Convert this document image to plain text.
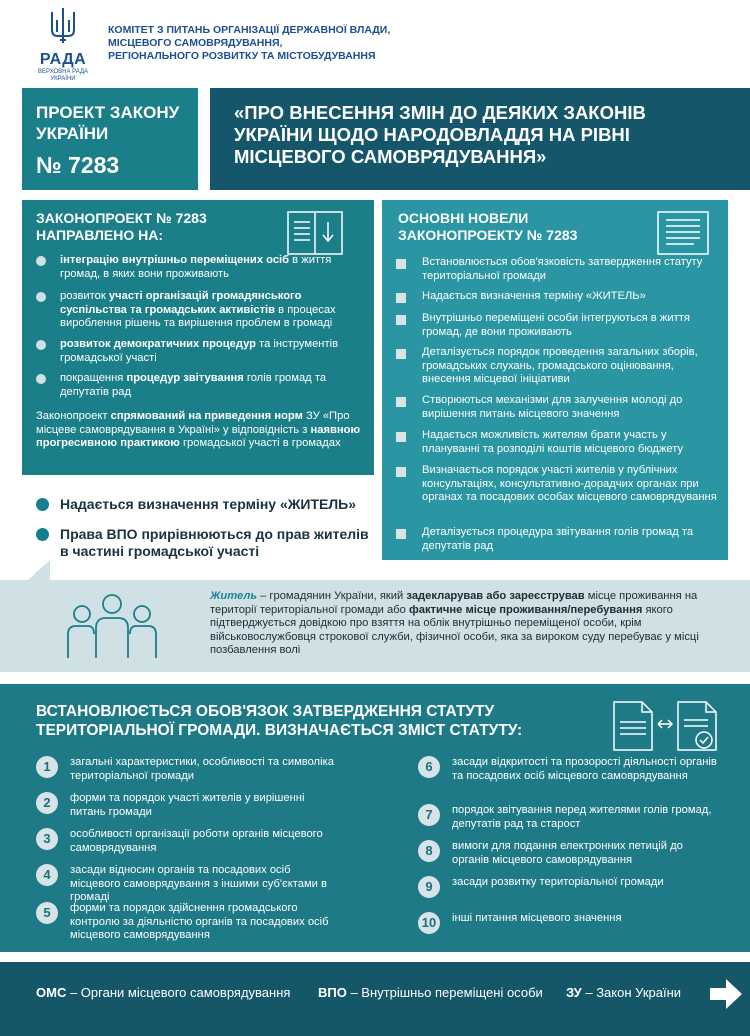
РАДА
ВЕРХОВНА РАДА УКРАЇНИ
КОМІТЕТ З ПИТАНЬ ОРГАНІЗАЦІЇ ДЕРЖАВНОЇ ВЛАДИ,
МІСЦЕВОГО САМОВРЯДУВАННЯ,
РЕГІОНАЛЬНОГО РОЗВИТКУ ТА МІСТОБУДУВАННЯ
ПРОЕКТ ЗАКОНУ УКРАЇНИ
№ 7283
«ПРО ВНЕСЕННЯ ЗМІН ДО ДЕЯКИХ ЗАКОНІВ УКРАЇНИ ЩОДО НАРОДОВЛАДДЯ НА РІВНІ МІСЦЕВОГО САМОВРЯДУВАННЯ»
ЗАКОНОПРОЕКТ № 7283
НАПРАВЛЕНО НА:
інтеграцію внутрішньо переміщених осіб в життя громад, в яких вони проживають
розвиток участі організацій громадянського суспільства та громадських активістів в процесах вироблення рішень та вирішення проблем в громаді
розвиток демократичних процедур та інструментів громадської участі
покращення процедур звітування голів громад та депутатів рад
Законопроект спрямований на приведення норм ЗУ «Про місцеве самоврядування в Україні» у відповідність з наявною прогресивною практикою громадської участі в громадах
ОСНОВНІ НОВЕЛИ
ЗАКОНОПРОЕКТУ № 7283
Встановлюється обов'язковість затвердження статуту територіальної громади
Надається визначення терміну «ЖИТЕЛЬ»
Внутрішньо переміщені особи інтегруються в життя громад, де вони проживають
Деталізується порядок проведення загальних зборів, громадських слухань, громадського оцінювання, внесення місцевої ініціативи
Створюються механізми для залучення молоді до вирішення питань місцевого значення
Надається можливість жителям брати участь у плануванні та розподілі коштів місцевого бюджету
Визначається порядок участі жителів у публічних консультаціях, консультативно-дорадчих органах при органах та посадових особах місцевого самоврядування
Деталізується процедура звітування голів громад та депутатів рад
Надається визначення терміну «ЖИТЕЛЬ»
Права ВПО прирівнюються до прав жителів в частині громадської участі
Житель – громадянин України, який задекларував або зареєстрував місце проживання на території територіальної громади або фактичне місце проживання/перебування якого підтверджується довідкою про взяття на облік внутрішньо переміщеної особи, крім військовослужбовця строкової служби, фізичної особи, яка за вироком суду перебуває у місці позбавлення волі
ВСТАНОВЛЮЄТЬСЯ ОБОВ'ЯЗОК ЗАТВЕРДЖЕННЯ СТАТУТУ
ТЕРИТОРІАЛЬНОЇ ГРОМАДИ. ВИЗНАЧАЄТЬСЯ ЗМІСТ СТАТУТУ:
1	загальні характеристики, особливості та символіка територіальної громади
2	форми та порядок участі жителів у вирішенні питань громади
3	особливості організації роботи органів місцевого самоврядування
4	засади відносин органів та посадових осіб місцевого самоврядування з іншими суб'єктами в громаді
5	форми та порядок здійснення громадського контролю за діяльністю органів та посадових осіб місцевого самоврядування
6	засади відкритості та прозорості діяльності органів та посадових осіб місцевого самоврядування
7	порядок звітування перед жителями голів громад, депутатів рад та старост
8	вимоги для подання електронних петицій до органів місцевого самоврядування
9	засади розвитку територіальної громади
10	інші питання місцевого значення
ОМС – Органи місцевого самоврядування ВПО – Внутрішньо переміщені особи ЗУ – Закон України
